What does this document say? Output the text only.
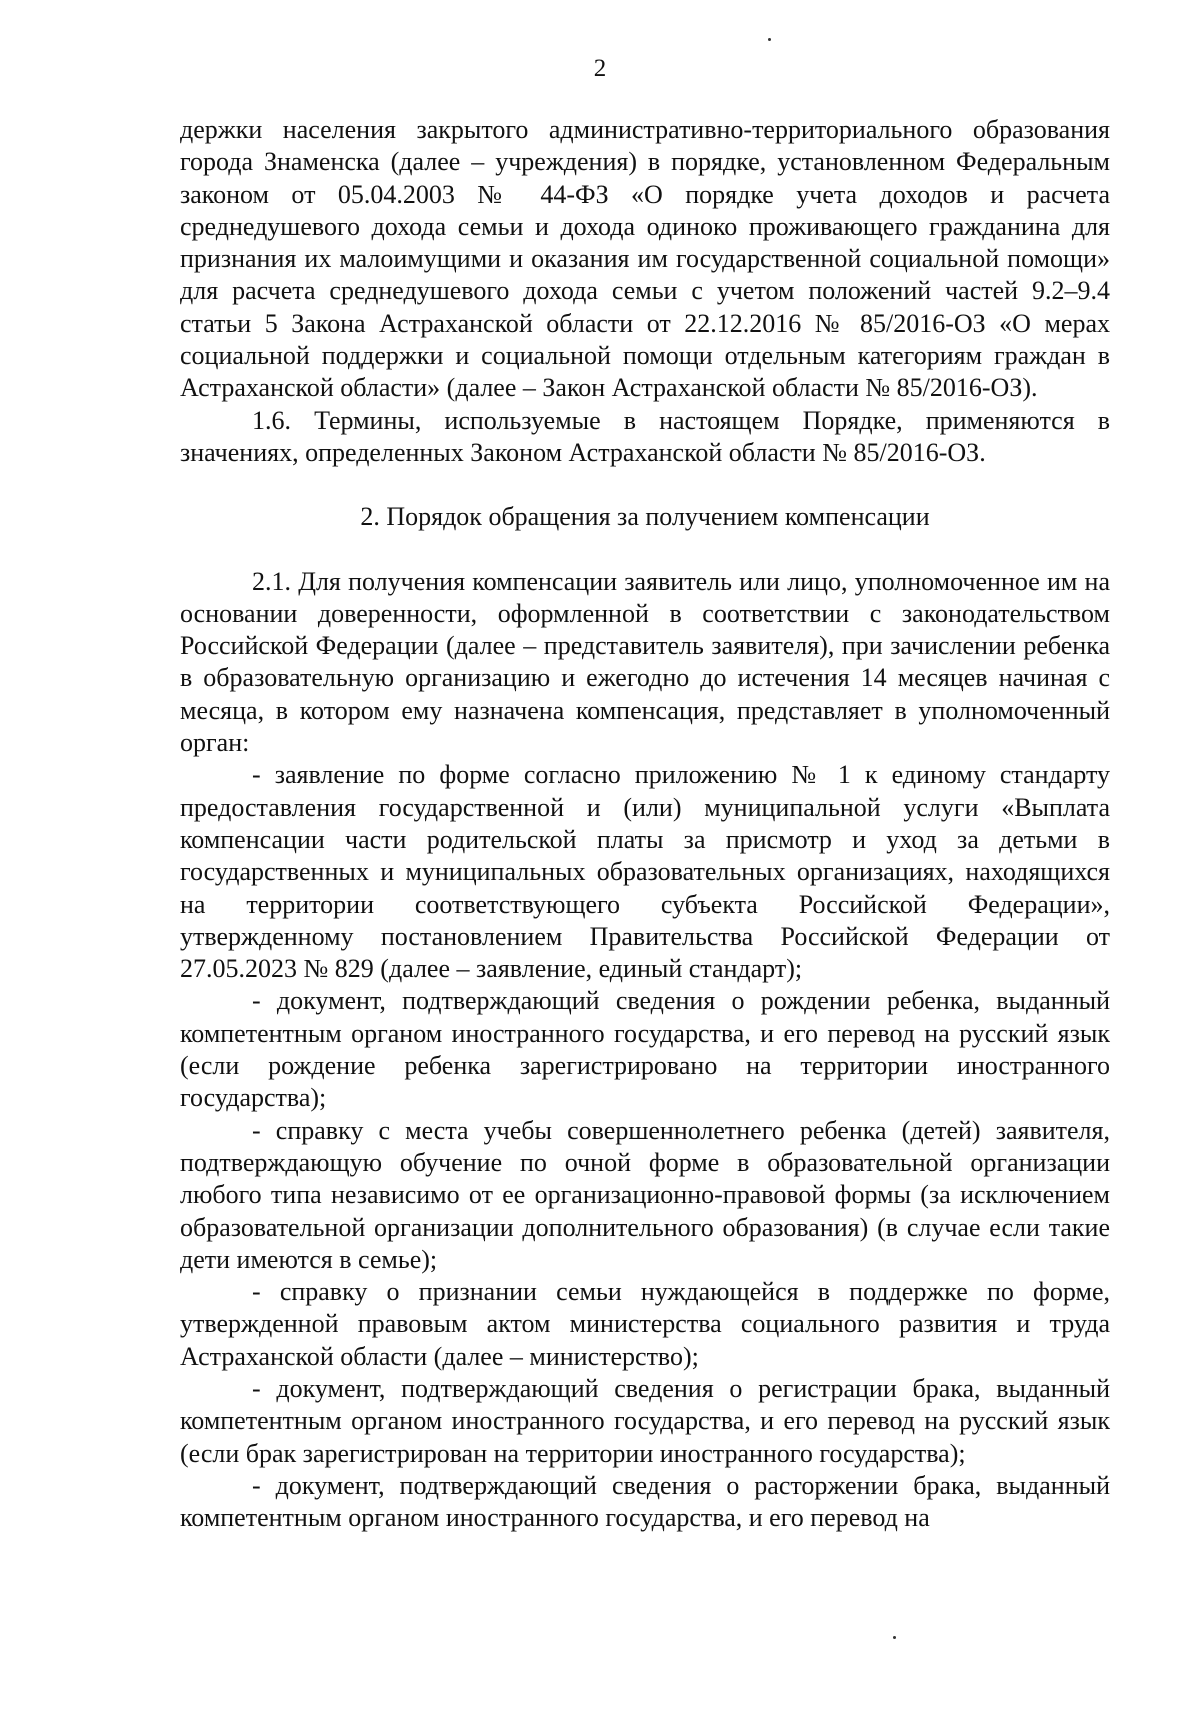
2

держки населения закрытого административно-территориального образования города Знаменска (далее – учреждения) в порядке, установленном Федеральным законом от 05.04.2003 № 44-ФЗ «О порядке учета доходов и расчета среднедушевого дохода семьи и дохода одиноко проживающего гражданина для признания их малоимущими и оказания им государственной социальной помощи» для расчета среднедушевого дохода семьи с учетом положений частей 9.2–9.4 статьи 5 Закона Астраханской области от 22.12.2016 № 85/2016-ОЗ «О мерах социальной поддержки и социальной помощи отдельным категориям граждан в Астраханской области» (далее – Закон Астраханской области № 85/2016-ОЗ).

1.6. Термины, используемые в настоящем Порядке, применяются в значениях, определенных Законом Астраханской области № 85/2016-ОЗ.

2. Порядок обращения за получением компенсации

2.1. Для получения компенсации заявитель или лицо, уполномоченное им на основании доверенности, оформленной в соответствии с законодательством Российской Федерации (далее – представитель заявителя), при зачислении ребенка в образовательную организацию и ежегодно до истечения 14 месяцев начиная с месяца, в котором ему назначена компенсация, представляет в уполномоченный орган:

- заявление по форме согласно приложению № 1 к единому стандарту предоставления государственной и (или) муниципальной услуги «Выплата компенсации части родительской платы за присмотр и уход за детьми в государственных и муниципальных образовательных организациях, находящихся на территории соответствующего субъекта Российской Федерации», утвержденному постановлением Правительства Российской Федерации от 27.05.2023 № 829 (далее – заявление, единый стандарт);

- документ, подтверждающий сведения о рождении ребенка, выданный компетентным органом иностранного государства, и его перевод на русский язык (если рождение ребенка зарегистрировано на территории иностранного государства);

- справку с места учебы совершеннолетнего ребенка (детей) заявителя, подтверждающую обучение по очной форме в образовательной организации любого типа независимо от ее организационно-правовой формы (за исключением образовательной организации дополнительного образования) (в случае если такие дети имеются в семье);

- справку о признании семьи нуждающейся в поддержке по форме, утвержденной правовым актом министерства социального развития и труда Астраханской области (далее – министерство);

- документ, подтверждающий сведения о регистрации брака, выданный компетентным органом иностранного государства, и его перевод на русский язык (если брак зарегистрирован на территории иностранного государства);

- документ, подтверждающий сведения о расторжении брака, выданный компетентным органом иностранного государства, и его перевод на
